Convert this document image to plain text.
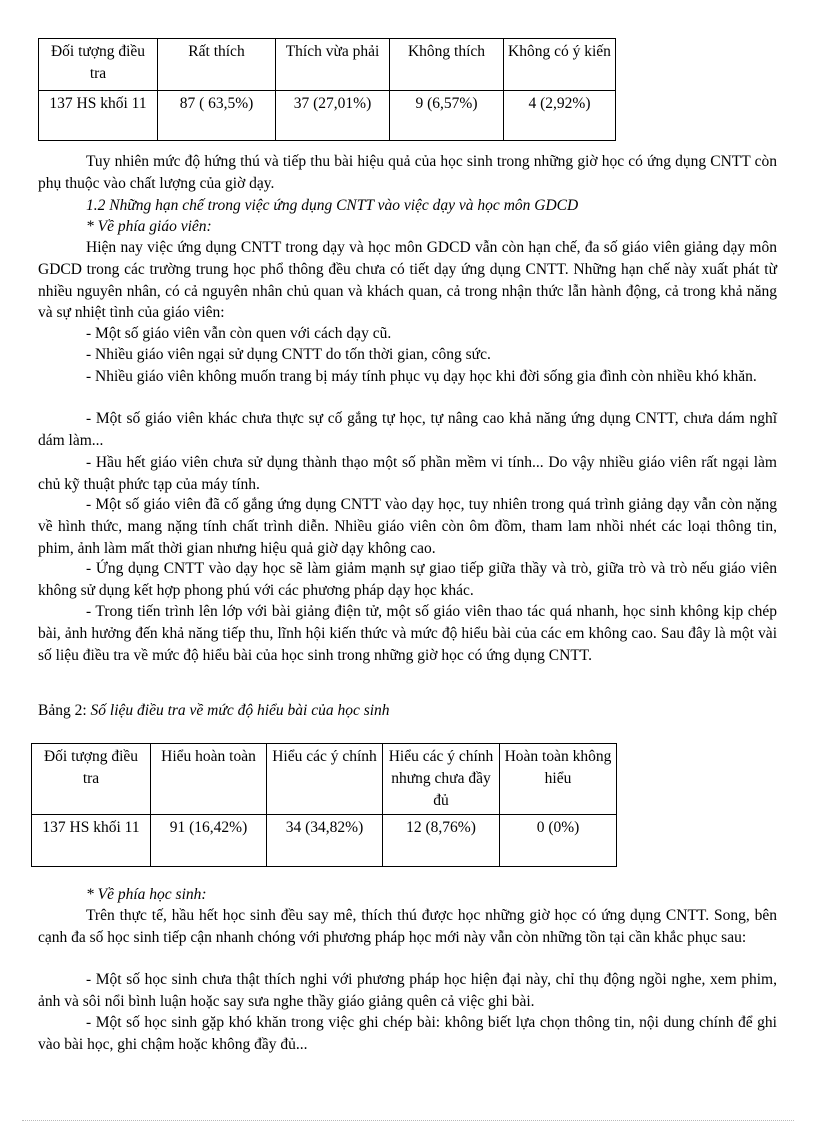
Đối tượng điều tra	Rất thích	Thích vừa phải	Không thích	Không có ý kiến
137 HS khối 11	87 ( 63,5%)	37 (27,01%)	9 (6,57%)	4 (2,92%)

Tuy nhiên mức độ hứng thú và tiếp thu bài hiệu quả của học sinh trong những giờ học có ứng dụng CNTT còn phụ thuộc vào chất lượng của giờ dạy.

1.2 Những hạn chế trong việc ứng dụng CNTT vào việc dạy và học môn GDCD

* Về phía giáo viên:

Hiện nay việc ứng dụng CNTT trong dạy và học môn GDCD vẫn còn hạn chế, đa số giáo viên giảng dạy môn GDCD trong các trường trung học phổ thông đều chưa có tiết dạy ứng dụng CNTT. Những hạn chế này xuất phát từ nhiều nguyên nhân, có cả nguyên nhân chủ quan và khách quan, cả trong nhận thức lẫn hành động, cả trong khả năng và sự nhiệt tình của giáo viên:

- Một số giáo viên vẫn còn quen với cách dạy cũ.

- Nhiều giáo viên ngại sử dụng CNTT do tốn thời gian, công sức.

- Nhiều giáo viên không muốn trang bị máy tính phục vụ dạy học khi đời sống gia đình còn nhiều khó khăn.

- Một số giáo viên khác chưa thực sự cố gắng tự học, tự nâng cao khả năng ứng dụng CNTT, chưa dám nghĩ dám làm...

- Hầu hết giáo viên chưa sử dụng thành thạo một số phần mềm vi tính... Do vậy nhiều giáo viên rất ngại làm chủ kỹ thuật phức tạp của máy tính.

- Một số giáo viên đã cố gắng ứng dụng CNTT vào dạy học, tuy nhiên trong quá trình giảng dạy vẫn còn nặng về hình thức, mang nặng tính chất trình diễn. Nhiều giáo viên còn ôm đồm, tham lam nhồi nhét các loại thông tin, phim, ảnh làm mất thời gian nhưng hiệu quả giờ dạy không cao.

- Ứng dụng CNTT vào dạy học sẽ làm giảm mạnh sự giao tiếp giữa thầy và trò, giữa trò và trò nếu giáo viên không sử dụng kết hợp phong phú với các phương pháp dạy học khác.

- Trong tiến trình lên lớp với bài giảng điện tử, một số giáo viên thao tác quá nhanh, học sinh không kịp chép bài, ảnh hưởng đến khả năng tiếp thu, lĩnh hội kiến thức và mức độ hiểu bài của các em không cao. Sau đây là một vài số liệu điều tra về mức độ hiểu bài của học sinh trong những giờ học có ứng dụng CNTT.

Bảng 2: Số liệu điều tra về mức độ hiểu bài của học sinh
Đối tượng điều tra	Hiểu hoàn toàn	Hiểu các ý chính	Hiểu các ý chính nhưng chưa đầy đủ	Hoàn toàn không hiểu
137 HS khối 11	91 (16,42%)	34 (34,82%)	12 (8,76%)	0 (0%)

* Về phía học sinh:

Trên thực tế, hầu hết học sinh đều say mê, thích thú được học những giờ học có ứng dụng CNTT. Song, bên cạnh đa số học sinh tiếp cận nhanh chóng với phương pháp học mới này vẫn còn những tồn tại cần khắc phục sau:

- Một số học sinh chưa thật thích nghi với phương pháp học hiện đại này, chỉ thụ động ngồi nghe, xem phim, ảnh và sôi nổi bình luận hoặc say sưa nghe thầy giáo giảng quên cả việc ghi bài.

- Một số học sinh gặp khó khăn trong việc ghi chép bài: không biết lựa chọn thông tin, nội dung chính để ghi vào bài học, ghi chậm hoặc không đầy đủ...
